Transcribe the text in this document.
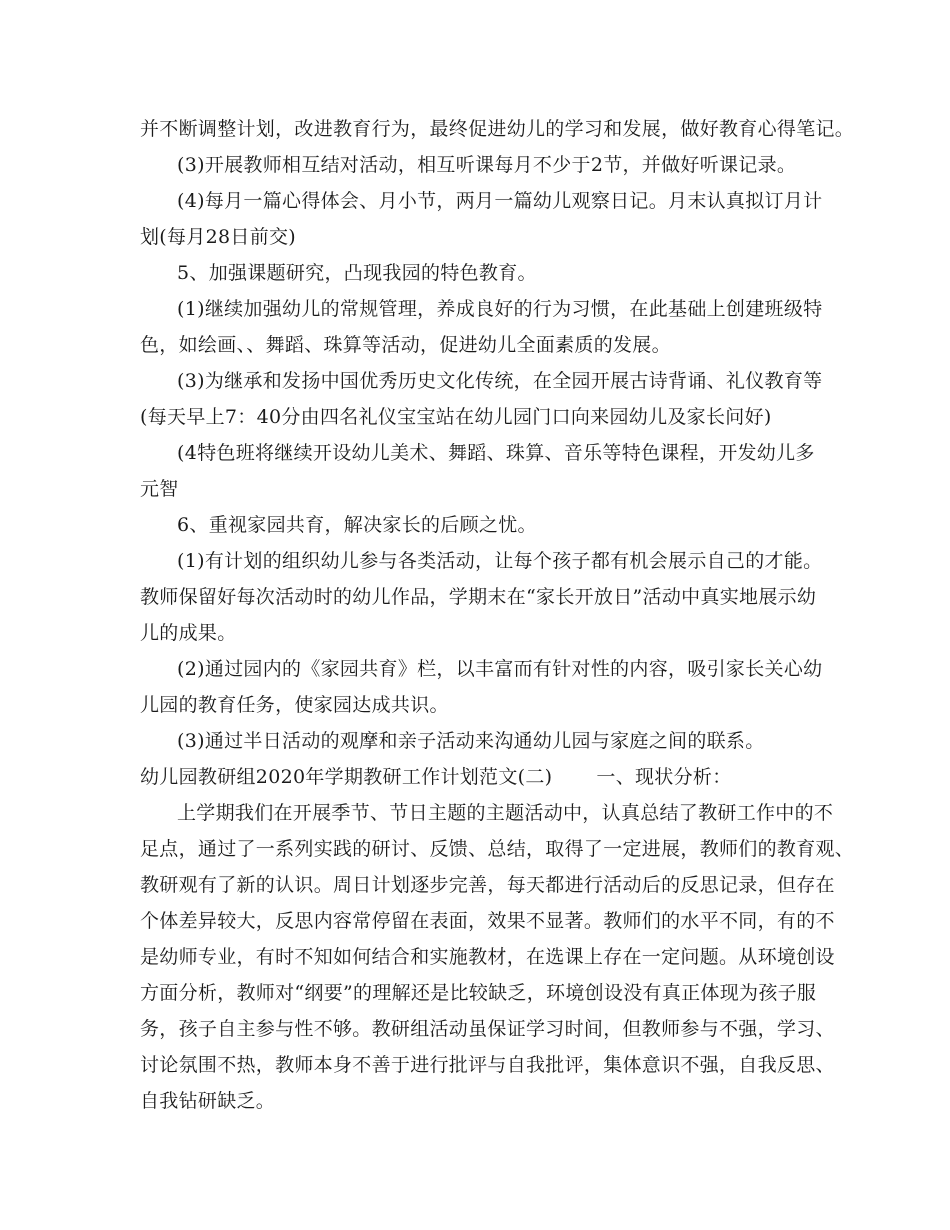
并不断调整计划，改进教育行为，最终促进幼儿的学习和发展，做好教育心得笔记。
(3)开展教师相互结对活动，相互听课每月不少于2节，并做好听课记录。
(4)每月一篇心得体会、月小节，两月一篇幼儿观察日记。月末认真拟订月计
划(每月28日前交)
5、加强课题研究，凸现我园的特色教育。
(1)继续加强幼儿的常规管理，养成良好的行为习惯，在此基础上创建班级特
色，如绘画、、舞蹈、珠算等活动，促进幼儿全面素质的发展。
(3)为继承和发扬中国优秀历史文化传统，在全园开展古诗背诵、礼仪教育等
(每天早上7：40分由四名礼仪宝宝站在幼儿园门口向来园幼儿及家长问好)
(4特色班将继续开设幼儿美术、舞蹈、珠算、音乐等特色课程，开发幼儿多
元智
6、重视家园共育，解决家长的后顾之忧。
(1)有计划的组织幼儿参与各类活动，让每个孩子都有机会展示自己的才能。
教师保留好每次活动时的幼儿作品，学期末在“家长开放日”活动中真实地展示幼
儿的成果。
(2)通过园内的《家园共育》栏，以丰富而有针对性的内容，吸引家长关心幼
儿园的教育任务，使家园达成共识。
(3)通过半日活动的观摩和亲子活动来沟通幼儿园与家庭之间的联系。
幼儿园教研组2020年学期教研工作计划范文(二) 一、现状分析：
上学期我们在开展季节、节日主题的主题活动中，认真总结了教研工作中的不
足点，通过了一系列实践的研讨、反馈、总结，取得了一定进展，教师们的教育观、
教研观有了新的认识。周日计划逐步完善，每天都进行活动后的反思记录，但存在
个体差异较大，反思内容常停留在表面，效果不显著。教师们的水平不同，有的不
是幼师专业，有时不知如何结合和实施教材，在选课上存在一定问题。从环境创设
方面分析，教师对“纲要”的理解还是比较缺乏，环境创设没有真正体现为孩子服
务，孩子自主参与性不够。教研组活动虽保证学习时间，但教师参与不强，学习、
讨论氛围不热，教师本身不善于进行批评与自我批评，集体意识不强，自我反思、
自我钻研缺乏。
